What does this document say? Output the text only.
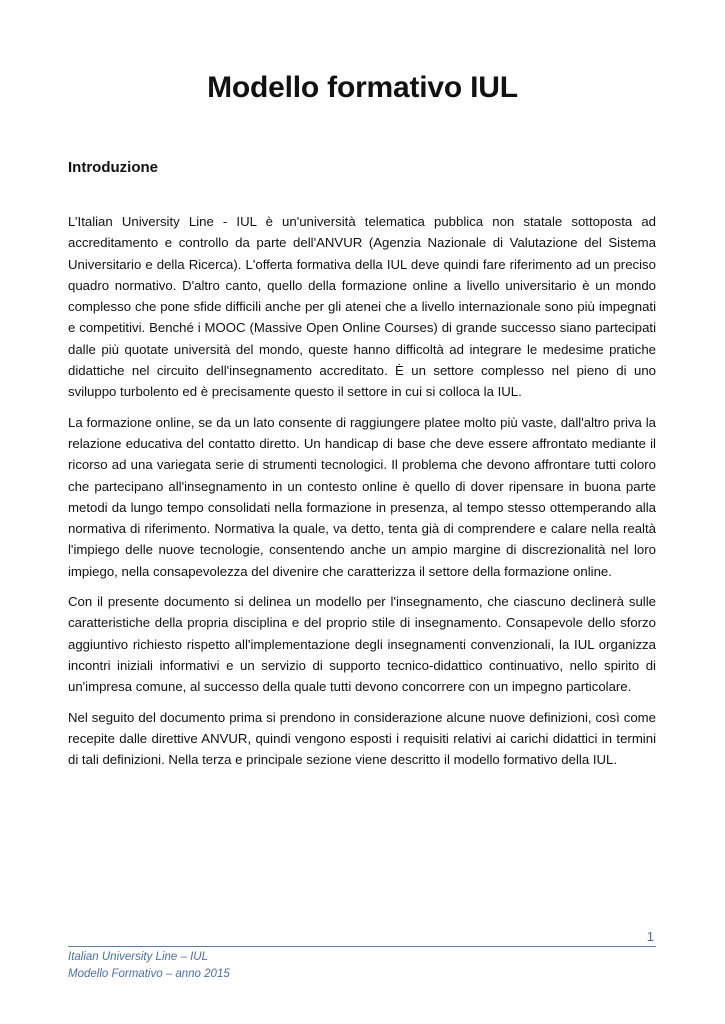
Modello formativo IUL
Introduzione

L’Italian University Line - IUL è un'università telematica pubblica non statale sottoposta ad accreditamento e controllo da parte dell'ANVUR (Agenzia Nazionale di Valutazione del Sistema Universitario e della Ricerca). L'offerta formativa della IUL deve quindi fare riferimento ad un preciso quadro normativo. D'altro canto, quello della formazione online a livello universitario è un mondo complesso che pone sfide difficili anche per gli atenei che a livello internazionale sono più impegnati e competitivi. Benché i MOOC (Massive Open Online Courses) di grande successo siano partecipati dalle più quotate università del mondo, queste hanno difficoltà ad integrare le medesime pratiche didattiche nel circuito dell'insegnamento accreditato. È un settore complesso nel pieno di uno sviluppo turbolento ed è precisamente questo il settore in cui si colloca la IUL.

La formazione online, se da un lato consente di raggiungere platee molto più vaste, dall'altro priva la relazione educativa del contatto diretto. Un handicap di base che deve essere affrontato mediante il ricorso ad una variegata serie di strumenti tecnologici. Il problema che devono affrontare tutti coloro che partecipano all'insegnamento in un contesto online è quello di dover ripensare in buona parte metodi da lungo tempo consolidati nella formazione in presenza, al tempo stesso ottemperando alla normativa di riferimento. Normativa la quale, va detto, tenta già di comprendere e calare nella realtà l'impiego delle nuove tecnologie, consentendo anche un ampio margine di discrezionalità nel loro impiego, nella consapevolezza del divenire che caratterizza il settore della formazione online.

Con il presente documento si delinea un modello per l'insegnamento, che ciascuno declinerà sulle caratteristiche della propria disciplina e del proprio stile di insegnamento. Consapevole dello sforzo aggiuntivo richiesto rispetto all'implementazione degli insegnamenti convenzionali, la IUL organizza incontri iniziali informativi e un servizio di supporto tecnico-didattico continuativo, nello spirito di un'impresa comune, al successo della quale tutti devono concorrere con un impegno particolare.

Nel seguito del documento prima si prendono in considerazione alcune nuove definizioni, così come recepite dalle direttive ANVUR, quindi vengono esposti i requisiti relativi ai carichi didattici in termini di tali definizioni. Nella terza e principale sezione viene descritto il modello formativo della IUL.

1
Italian University Line – IUL
Modello Formativo – anno 2015
